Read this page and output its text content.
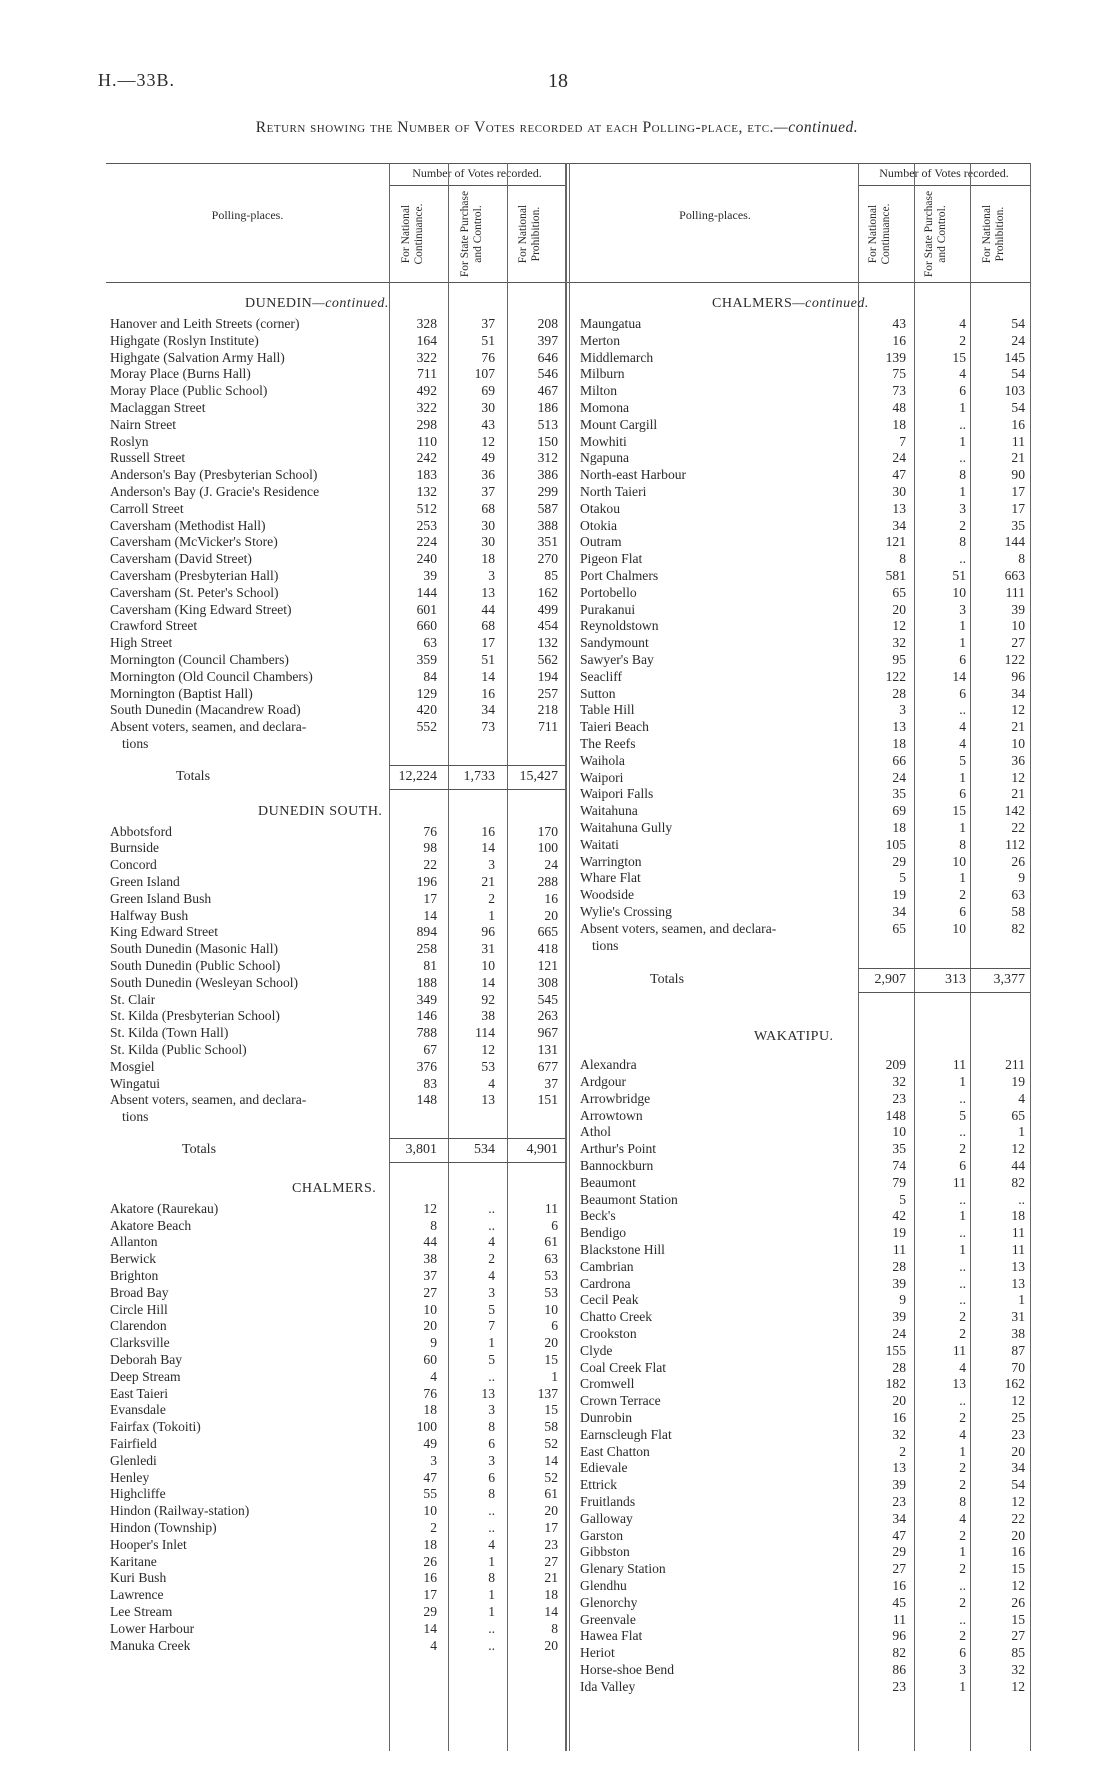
H.—33B.	18
Return showing the Number of Votes recorded at each Polling-place, etc.—continued.
Polling-places.
Number of Votes recorded.
For National Continuance.	For State Purchase and Control.	For National Prohibition.	Polling-places.
Number of Votes recorded.
For National Continuance.	For State Purchase and Control.	For National Prohibition.
DUNEDIN—continued.
Hanover and Leith Streets (corner)	328	37	208
Highgate (Roslyn Institute)	164	51	397
Highgate (Salvation Army Hall)	322	76	646
Moray Place (Burns Hall)	711	107	546
Moray Place (Public School)	492	69	467
Maclaggan Street	322	30	186
Nairn Street	298	43	513
Roslyn	110	12	150
Russell Street	242	49	312
Anderson's Bay (Presbyterian School)	183	36	386
Anderson's Bay (J. Gracie's Residence	132	37	299
Carroll Street	512	68	587
Caversham (Methodist Hall)	253	30	388
Caversham (McVicker's Store)	224	30	351
Caversham (David Street)	240	18	270
Caversham (Presbyterian Hall)	39	3	85
Caversham (St. Peter's School)	144	13	162
Caversham (King Edward Street)	601	44	499
Crawford Street	660	68	454
High Street	63	17	132
Mornington (Council Chambers)	359	51	562
Mornington (Old Council Chambers)	84	14	194
Mornington (Baptist Hall)	129	16	257
South Dunedin (Macandrew Road)	420	34	218
Absent voters, seamen, and declara-	552	73	711
tions
Totals	12,224 1,733 15,427
DUNEDIN SOUTH.
Abbotsford	76	16	170
Burnside	98	14	100
Concord	22	3	24
Green Island	196	21	288
Green Island Bush	17	2	16
Halfway Bush	14	1	20
King Edward Street	894	96	665
South Dunedin (Masonic Hall)	258	31	418
South Dunedin (Public School)	81	10	121
South Dunedin (Wesleyan School)	188	14	308
St. Clair	349	92	545
St. Kilda (Presbyterian School)	146	38	263
St. Kilda (Town Hall)	788	114	967
St. Kilda (Public School)	67	12	131
Mosgiel	376	53	677
Wingatui	83	4	37
Absent voters, seamen, and declara-	148	13	151
tions
Totals	3,801	534 4,901
CHALMERS.
Akatore (Raurekau)	12	..	11
Akatore Beach	8	..	6
Allanton	44	4	61
Berwick	38	2	63
Brighton	37	4	53
Broad Bay	27	3	53
Circle Hill	10	5	10
Clarendon	20	7	6
Clarksville	9	1	20
Deborah Bay	60	5	15
Deep Stream	4	..	1
East Taieri	76	13	137
Evansdale	18	3	15
Fairfax (Tokoiti)	100	8	58
Fairfield	49	6	52
Glenledi	3	3	14
Henley	47	6	52
Highcliffe	55	8	61
Hindon (Railway-station)	10	..	20
Hindon (Township)	2	..	17
Hooper's Inlet	18	4	23
Karitane	26	1	27
Kuri Bush	16	8	21
Lawrence	17	1	18
Lee Stream	29	1	14
Lower Harbour	14	..	8
Manuka Creek	4	..	20
CHALMERS—continued.
Maungatua	43	4	54
Merton	16	2	24
Middlemarch	139	15	145
Milburn	75	4	54
Milton	73	6	103
Momona	48	1	54
Mount Cargill	18	..	16
Mowhiti	7	1	11
Ngapuna	24	..	21
North-east Harbour	47	8	90
North Taieri	30	1	17
Otakou	13	3	17
Otokia	34	2	35
Outram	121	8	144
Pigeon Flat	8	..	8
Port Chalmers	581	51	663
Portobello	65	10	111
Purakanui	20	3	39
Reynoldstown	12	1	10
Sandymount	32	1	27
Sawyer's Bay	95	6	122
Seacliff	122	14	96
Sutton	28	6	34
Table Hill	3	..	12
Taieri Beach	13	4	21
The Reefs	18	4	10
Waihola	66	5	36
Waipori	24	1	12
Waipori Falls	35	6	21
Waitahuna	69	15	142
Waitahuna Gully	18	1	22
Waitati	105	8	112
Warrington	29	10	26
Whare Flat	5	1	9
Woodside	19	2	63
Wylie's Crossing	34	6	58
Absent voters, seamen, and declara-	65	10	82
tions
Totals	2,907	313 3,377
WAKATIPU.
Alexandra	209	11	211
Ardgour	32	1	19
Arrowbridge	23	..	4
Arrowtown	148	5	65
Athol	10	..	1
Arthur's Point	35	2	12
Bannockburn	74	6	44
Beaumont	79	11	82
Beaumont Station	5	..	..
Beck's	42	1	18
Bendigo	19	..	11
Blackstone Hill	11	1	11
Cambrian	28	..	13
Cardrona	39	..	13
Cecil Peak	9	..	1
Chatto Creek	39	2	31
Crookston	24	2	38
Clyde	155	11	87
Coal Creek Flat	28	4	70
Cromwell	182	13	162
Crown Terrace	20	..	12
Dunrobin	16	2	25
Earnscleugh Flat	32	4	23
East Chatton	2	1	20
Edievale	13	2	34
Ettrick	39	2	54
Fruitlands	23	8	12
Galloway	34	4	22
Garston	47	2	20
Gibbston	29	1	16
Glenary Station	27	2	15
Glendhu	16	..	12
Glenorchy	45	2	26
Greenvale	11	..	15
Hawea Flat	96	2	27
Heriot	82	6	85
Horse-shoe Bend	86	3	32
Ida Valley	23	1	12
